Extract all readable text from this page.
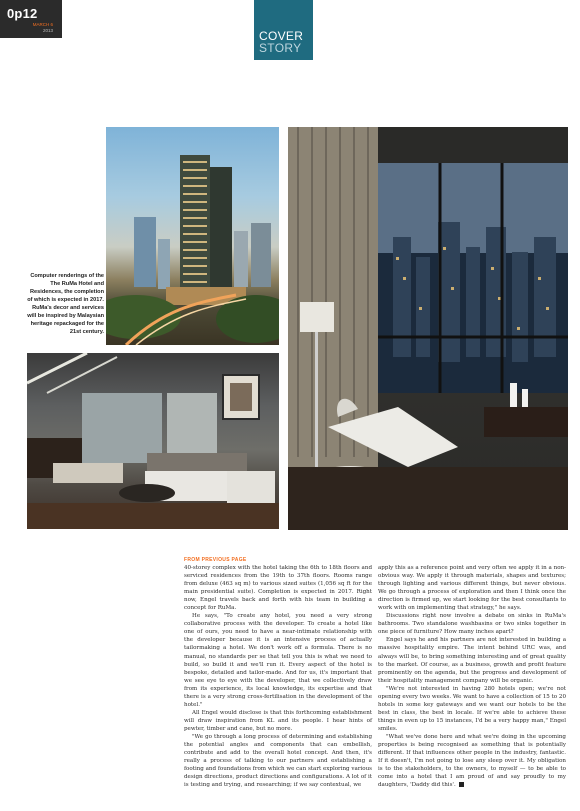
0p12
MARCH 6
2013	COVER
STORY
Computer renderings of the The RuMa Hotel and Residences, the completion of which is expected in 2017. RuMa's decor and services will be inspired by Malaysian heritage repackaged for the 21st century.
FROM PREVIOUS PAGE

40-storey complex with the hotel taking the 6th to 18th floors and serviced residences from the 19th to 37th floors. Rooms range from deluxe (463 sq m) to various sized suites (1,056 sq ft for the main presidential suite). Completion is expected in 2017. Right now, Engel travels back and forth with his team in building a concept for RuMa.

He says, "To create any hotel, you need a very strong collaborative process with the developer. To create a hotel like one of ours, you need to have a near-intimate relationship with the developer because it is an intensive process of actually tailormaking a hotel. We don't work off a formula. There is no manual, no standards per se that tell you this is what we need to build, so build it and we'll run it. Every aspect of the hotel is bespoke, detailed and tailor-made. And for us, it's important that we see eye to eye with the developer, that we collectively draw from its experience, its local knowledge, its expertise and that there is a very strong cross-fertilisation in the development of the hotel."

All Engel would disclose is that this forthcoming establishment will draw inspiration from KL and its people. I hear hints of pewter, timber and cane, but no more.

"We go through a long process of determining and establishing the potential angles and components that can embellish, contribute and add to the overall hotel concept. And then, it's really a process of talking to our partners and establishing a footing and foundations from which we can start exploring various design directions, product directions and configurations. A lot of it is testing and trying, and researching; if we say contextual, we

apply this as a reference point and very often we apply it in a non-obvious way. We apply it through materials, shapes and textures; through lighting and various different things, but never obvious. We go through a process of exploration and then I think once the direction is firmed up, we start looking for the best consultants to work with on implementing that strategy," he says.

Discussions right now involve a debate on sinks in RuMa's bathrooms. Two standalone washbasins or two sinks together in one piece of furniture? How many inches apart?

Engel says he and his partners are not interested in building a massive hospitality empire. The intent behind URC was, and always will be, to bring something interesting and of great quality to the market. Of course, as a business, growth and profit feature prominently on the agenda, but the progress and development of their hospitality management company will be organic.

"We're not interested in having 280 hotels open; we're not opening every two weeks. We want to have a collection of 15 to 20 hotels in some key gateways and we want our hotels to be the best in class, the best in locale. If we're able to achieve these things in even up to 15 instances, I'd be a very happy man," Engel smiles.

"What we've done here and what we're doing in the upcoming properties is being recognised as something that is potentially different. If that influences other people in the industry, fantastic. If it doesn't, I'm not going to lose any sleep over it. My obligation is to the stakeholders, to the owners, to myself — to be able to come into a hotel that I am proud of and say proudly to my daughters, 'Daddy did this'.
